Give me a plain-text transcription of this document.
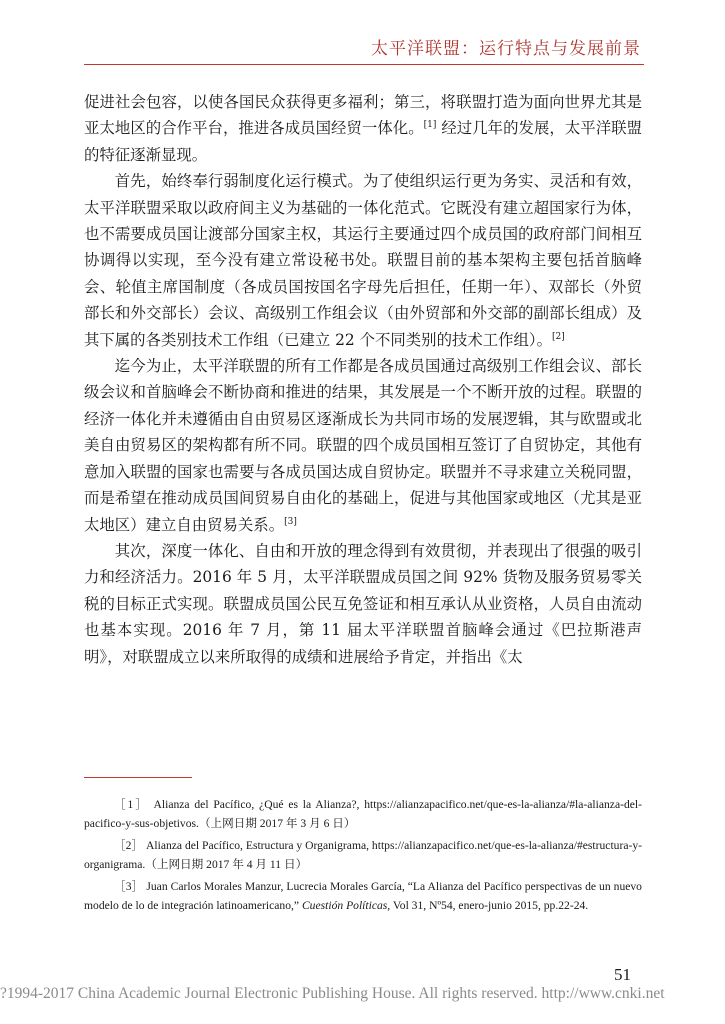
太平洋联盟：运行特点与发展前景

促进社会包容，以使各国民众获得更多福利；第三，将联盟打造为面向世界尤其是亚太地区的合作平台，推进各成员国经贸一体化。[1] 经过几年的发展，太平洋联盟的特征逐渐显现。

首先，始终奉行弱制度化运行模式。为了使组织运行更为务实、灵活和有效，太平洋联盟采取以政府间主义为基础的一体化范式。它既没有建立超国家行为体，也不需要成员国让渡部分国家主权，其运行主要通过四个成员国的政府部门间相互协调得以实现，至今没有建立常设秘书处。联盟目前的基本架构主要包括首脑峰会、轮值主席国制度（各成员国按国名字母先后担任，任期一年）、双部长（外贸部长和外交部长）会议、高级别工作组会议（由外贸部和外交部的副部长组成）及其下属的各类别技术工作组（已建立 22 个不同类别的技术工作组）。[2]

迄今为止，太平洋联盟的所有工作都是各成员国通过高级别工作组会议、部长级会议和首脑峰会不断协商和推进的结果，其发展是一个不断开放的过程。联盟的经济一体化并未遵循由自由贸易区逐渐成长为共同市场的发展逻辑，其与欧盟或北美自由贸易区的架构都有所不同。联盟的四个成员国相互签订了自贸协定，其他有意加入联盟的国家也需要与各成员国达成自贸协定。联盟并不寻求建立关税同盟，而是希望在推动成员国间贸易自由化的基础上，促进与其他国家或地区（尤其是亚太地区）建立自由贸易关系。[3]

其次，深度一体化、自由和开放的理念得到有效贯彻，并表现出了很强的吸引力和经济活力。2016 年 5 月，太平洋联盟成员国之间 92% 货物及服务贸易零关税的目标正式实现。联盟成员国公民互免签证和相互承认从业资格，人员自由流动也基本实现。2016 年 7 月，第 11 届太平洋联盟首脑峰会通过《巴拉斯港声明》，对联盟成立以来所取得的成绩和进展给予肯定，并指出《太

［1］ Alianza del Pacífico, ¿Qué es la Alianza?, https://alianzapacifico.net/que-es-la-alianza/#la-alianza-del-pacifico-y-sus-objetivos.（上网日期 2017 年 3 月 6 日）

［2］ Alianza del Pacífico, Estructura y Organigrama, https://alianzapacifico.net/que-es-la-alianza/#estructura-y-organigrama.（上网日期 2017 年 4 月 11 日）

［3］ Juan Carlos Morales Manzur, Lucrecia Morales García, “La Alianza del Pacífico perspectivas de un nuevo modelo de lo de integración latinoamericano,” Cuestión Políticas, Vol 31, Nº54, enero-junio 2015, pp.22-24.

51
?1994-2017 China Academic Journal Electronic Publishing House. All rights reserved. http://www.cnki.net
